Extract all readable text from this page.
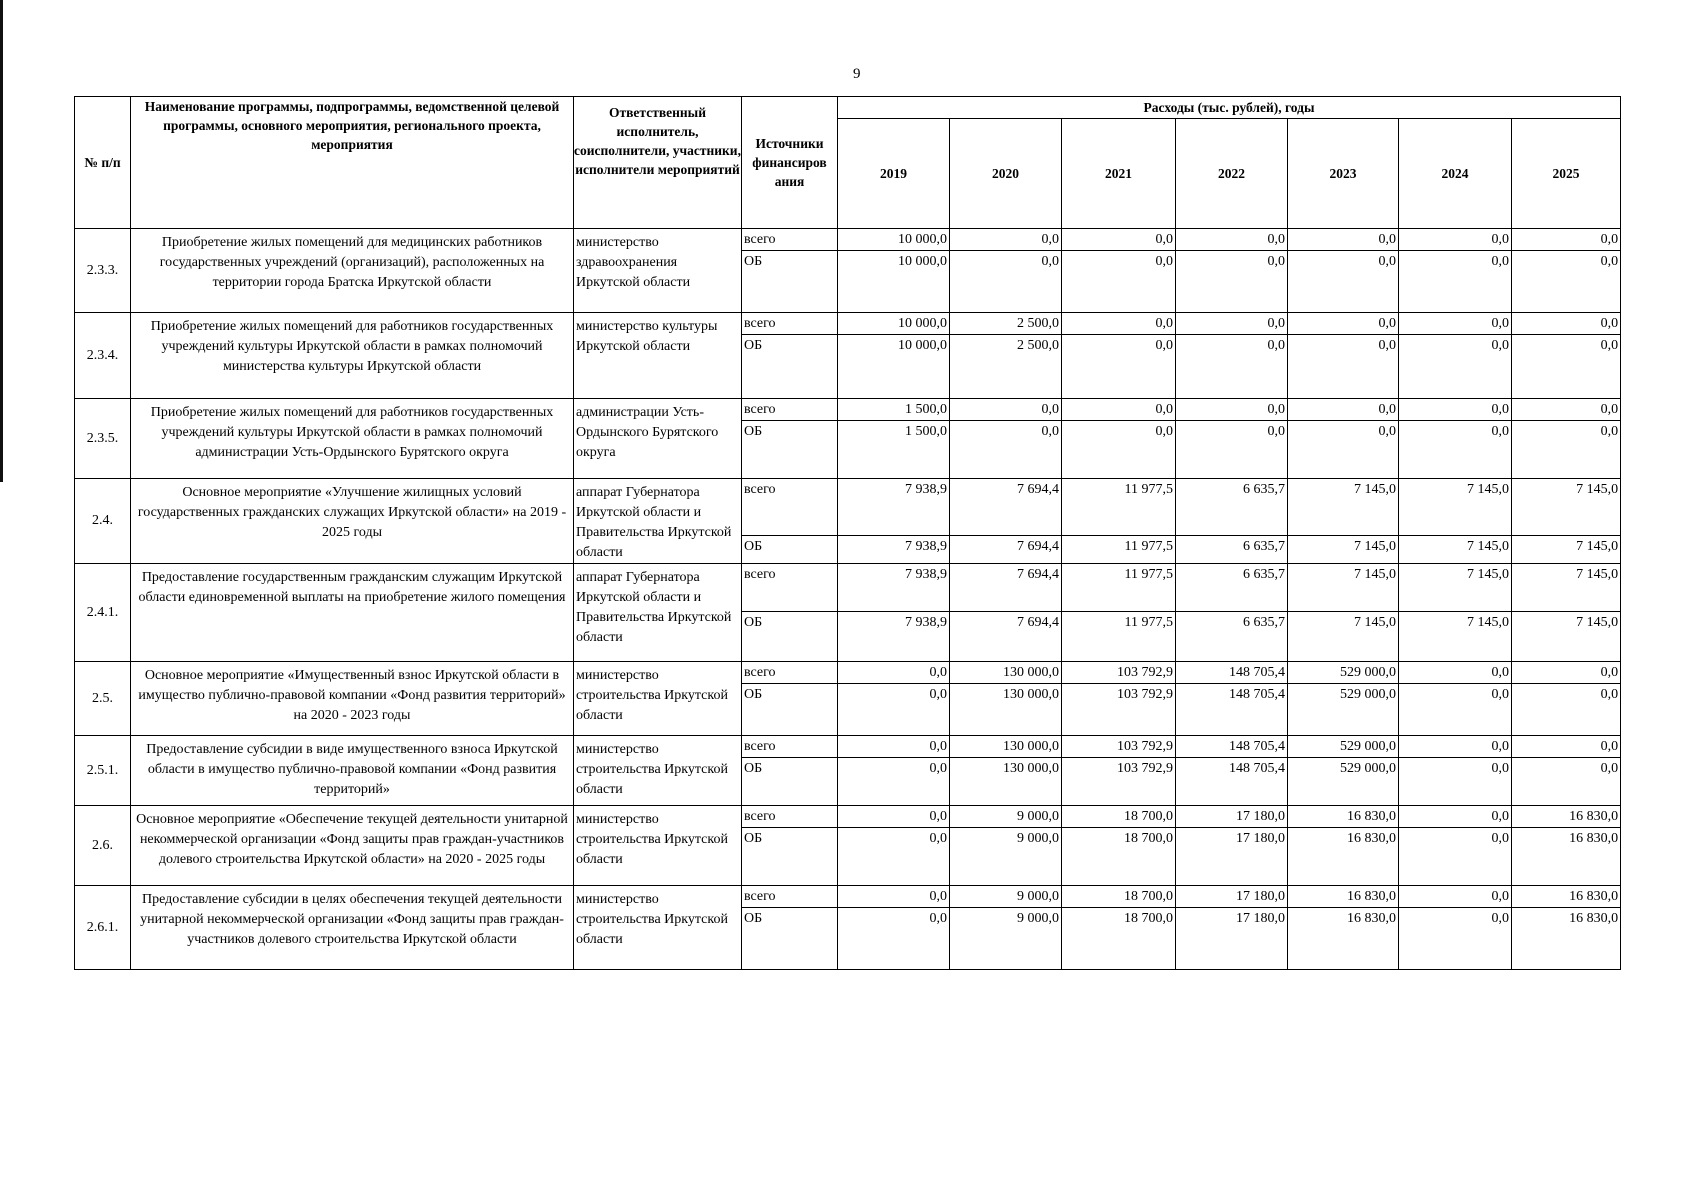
9
№ п/п	Наименование программы, подпрограммы, ведомственной целевой программы, основного мероприятия, регионального проекта, мероприятия	Ответственный исполнитель, соисполнители, участники, исполнители мероприятий	Источники финансиров ания	Расходы (тыс. рублей), годы						
				2019	2020	2021	2022	2023	2024	2025
2.3.3.	Приобретение жилых помещений для медицинских работников государственных учреждений (организаций), расположенных на территории города Братска Иркутской области	министерство здравоохранения Иркутской области	всего	10 000,0	0,0	0,0	0,0	0,0	0,0	0,0
			ОБ	10 000,0	0,0	0,0	0,0	0,0	0,0	0,0
2.3.4.	Приобретение жилых помещений для работников государственных учреждений культуры Иркутской области в рамках полномочий министерства культуры Иркутской области	министерство культуры Иркутской области	всего	10 000,0	2 500,0	0,0	0,0	0,0	0,0	0,0
			ОБ	10 000,0	2 500,0	0,0	0,0	0,0	0,0	0,0
2.3.5.	Приобретение жилых помещений для работников государственных учреждений культуры Иркутской области в рамках полномочий администрации Усть-Ордынского Бурятского округа	администрации Усть-Ордынского Бурятского округа	всего	1 500,0	0,0	0,0	0,0	0,0	0,0	0,0
			ОБ	1 500,0	0,0	0,0	0,0	0,0	0,0	0,0
2.4.	Основное мероприятие «Улучшение жилищных условий государственных гражданских служащих Иркутской области» на 2019 - 2025 годы	аппарат Губернатора Иркутской области и Правительства Иркутской области	всего	7 938,9	7 694,4	11 977,5	6 635,7	7 145,0	7 145,0	7 145,0
			ОБ	7 938,9	7 694,4	11 977,5	6 635,7	7 145,0	7 145,0	7 145,0
2.4.1.	Предоставление государственным гражданским служащим Иркутской области единовременной выплаты на приобретение жилого помещения	аппарат Губернатора Иркутской области и Правительства Иркутской области	всего	7 938,9	7 694,4	11 977,5	6 635,7	7 145,0	7 145,0	7 145,0
			ОБ	7 938,9	7 694,4	11 977,5	6 635,7	7 145,0	7 145,0	7 145,0
2.5.	Основное мероприятие «Имущественный взнос Иркутской области в имущество публично-правовой компании «Фонд развития территорий» на 2020 - 2023 годы	министерство строительства Иркутской области	всего	0,0	130 000,0	103 792,9	148 705,4	529 000,0	0,0	0,0
			ОБ	0,0	130 000,0	103 792,9	148 705,4	529 000,0	0,0	0,0
2.5.1.	Предоставление субсидии в виде имущественного взноса Иркутской области в имущество публично-правовой компании «Фонд развития территорий»	министерство строительства Иркутской области	всего	0,0	130 000,0	103 792,9	148 705,4	529 000,0	0,0	0,0
			ОБ	0,0	130 000,0	103 792,9	148 705,4	529 000,0	0,0	0,0
2.6.	Основное мероприятие «Обеспечение текущей деятельности унитарной некоммерческой организации «Фонд защиты прав граждан-участников долевого строительства Иркутской области» на 2020 - 2025 годы	министерство строительства Иркутской области	всего	0,0	9 000,0	18 700,0	17 180,0	16 830,0	0,0	16 830,0
			ОБ	0,0	9 000,0	18 700,0	17 180,0	16 830,0	0,0	16 830,0
2.6.1.	Предоставление субсидии в целях обеспечения текущей деятельности унитарной некоммерческой организации «Фонд защиты прав граждан-участников долевого строительства Иркутской области	министерство строительства Иркутской области	всего	0,0	9 000,0	18 700,0	17 180,0	16 830,0	0,0	16 830,0
			ОБ	0,0	9 000,0	18 700,0	17 180,0	16 830,0	0,0	16 830,0
